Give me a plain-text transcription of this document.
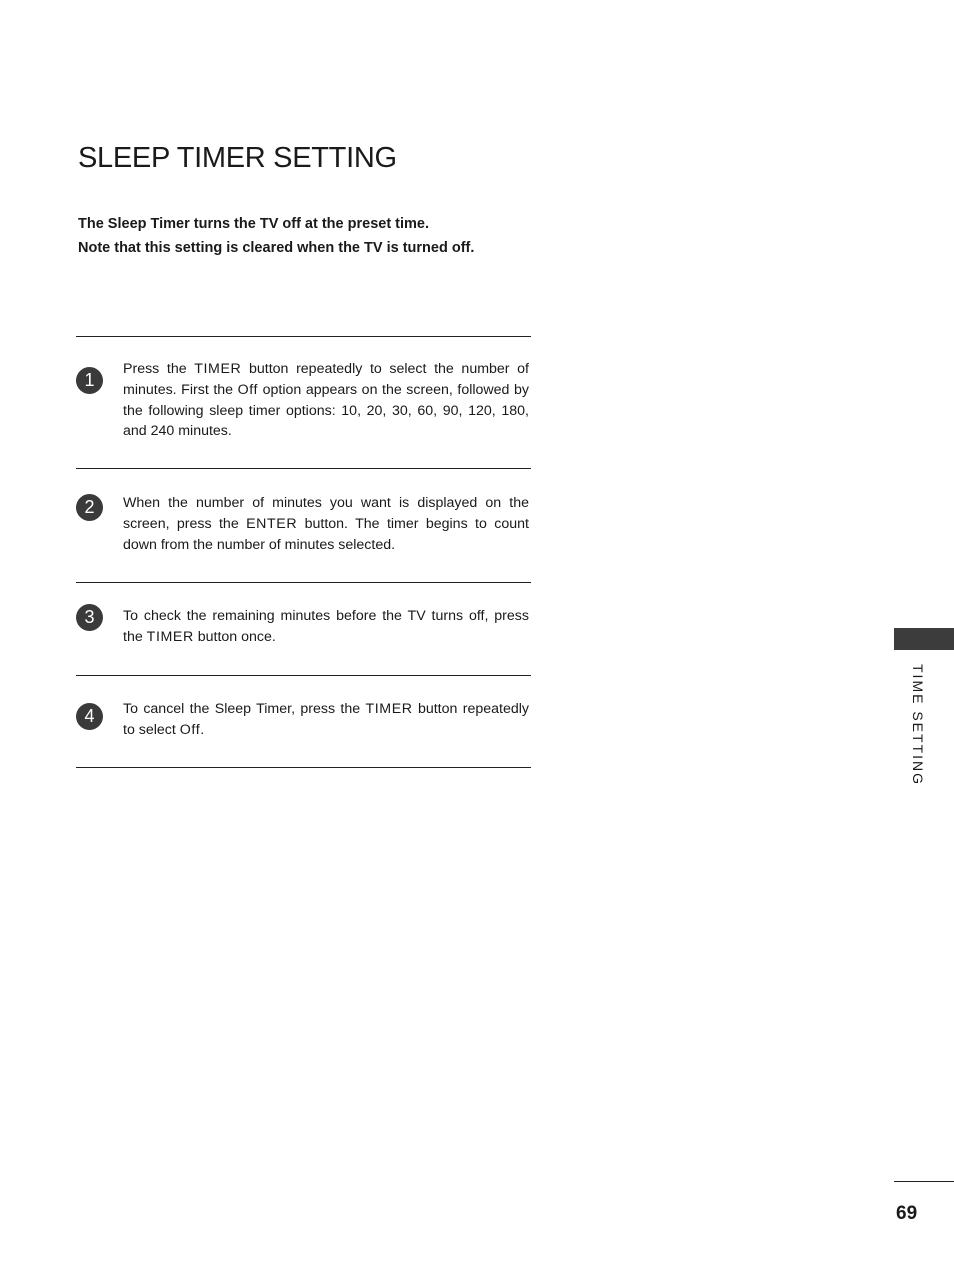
SLEEP TIMER SETTING
The Sleep Timer turns the TV off at the preset time.
Note that this setting is cleared when the TV is turned off.
1
Press the TIMER button repeatedly to select the number of minutes. First the Off option appears on the screen, followed by the following sleep timer options: 10, 20, 30, 60, 90, 120, 180, and 240 minutes.
2	When the number of minutes you want is displayed on the screen, press the ENTER button. The timer begins to count down from the number of minutes selected.
3	To check the remaining minutes before the TV turns off, press the TIMER button once.
4	To cancel the Sleep Timer, press the TIMER button repeatedly to select Off.	TIME SETTING
69
